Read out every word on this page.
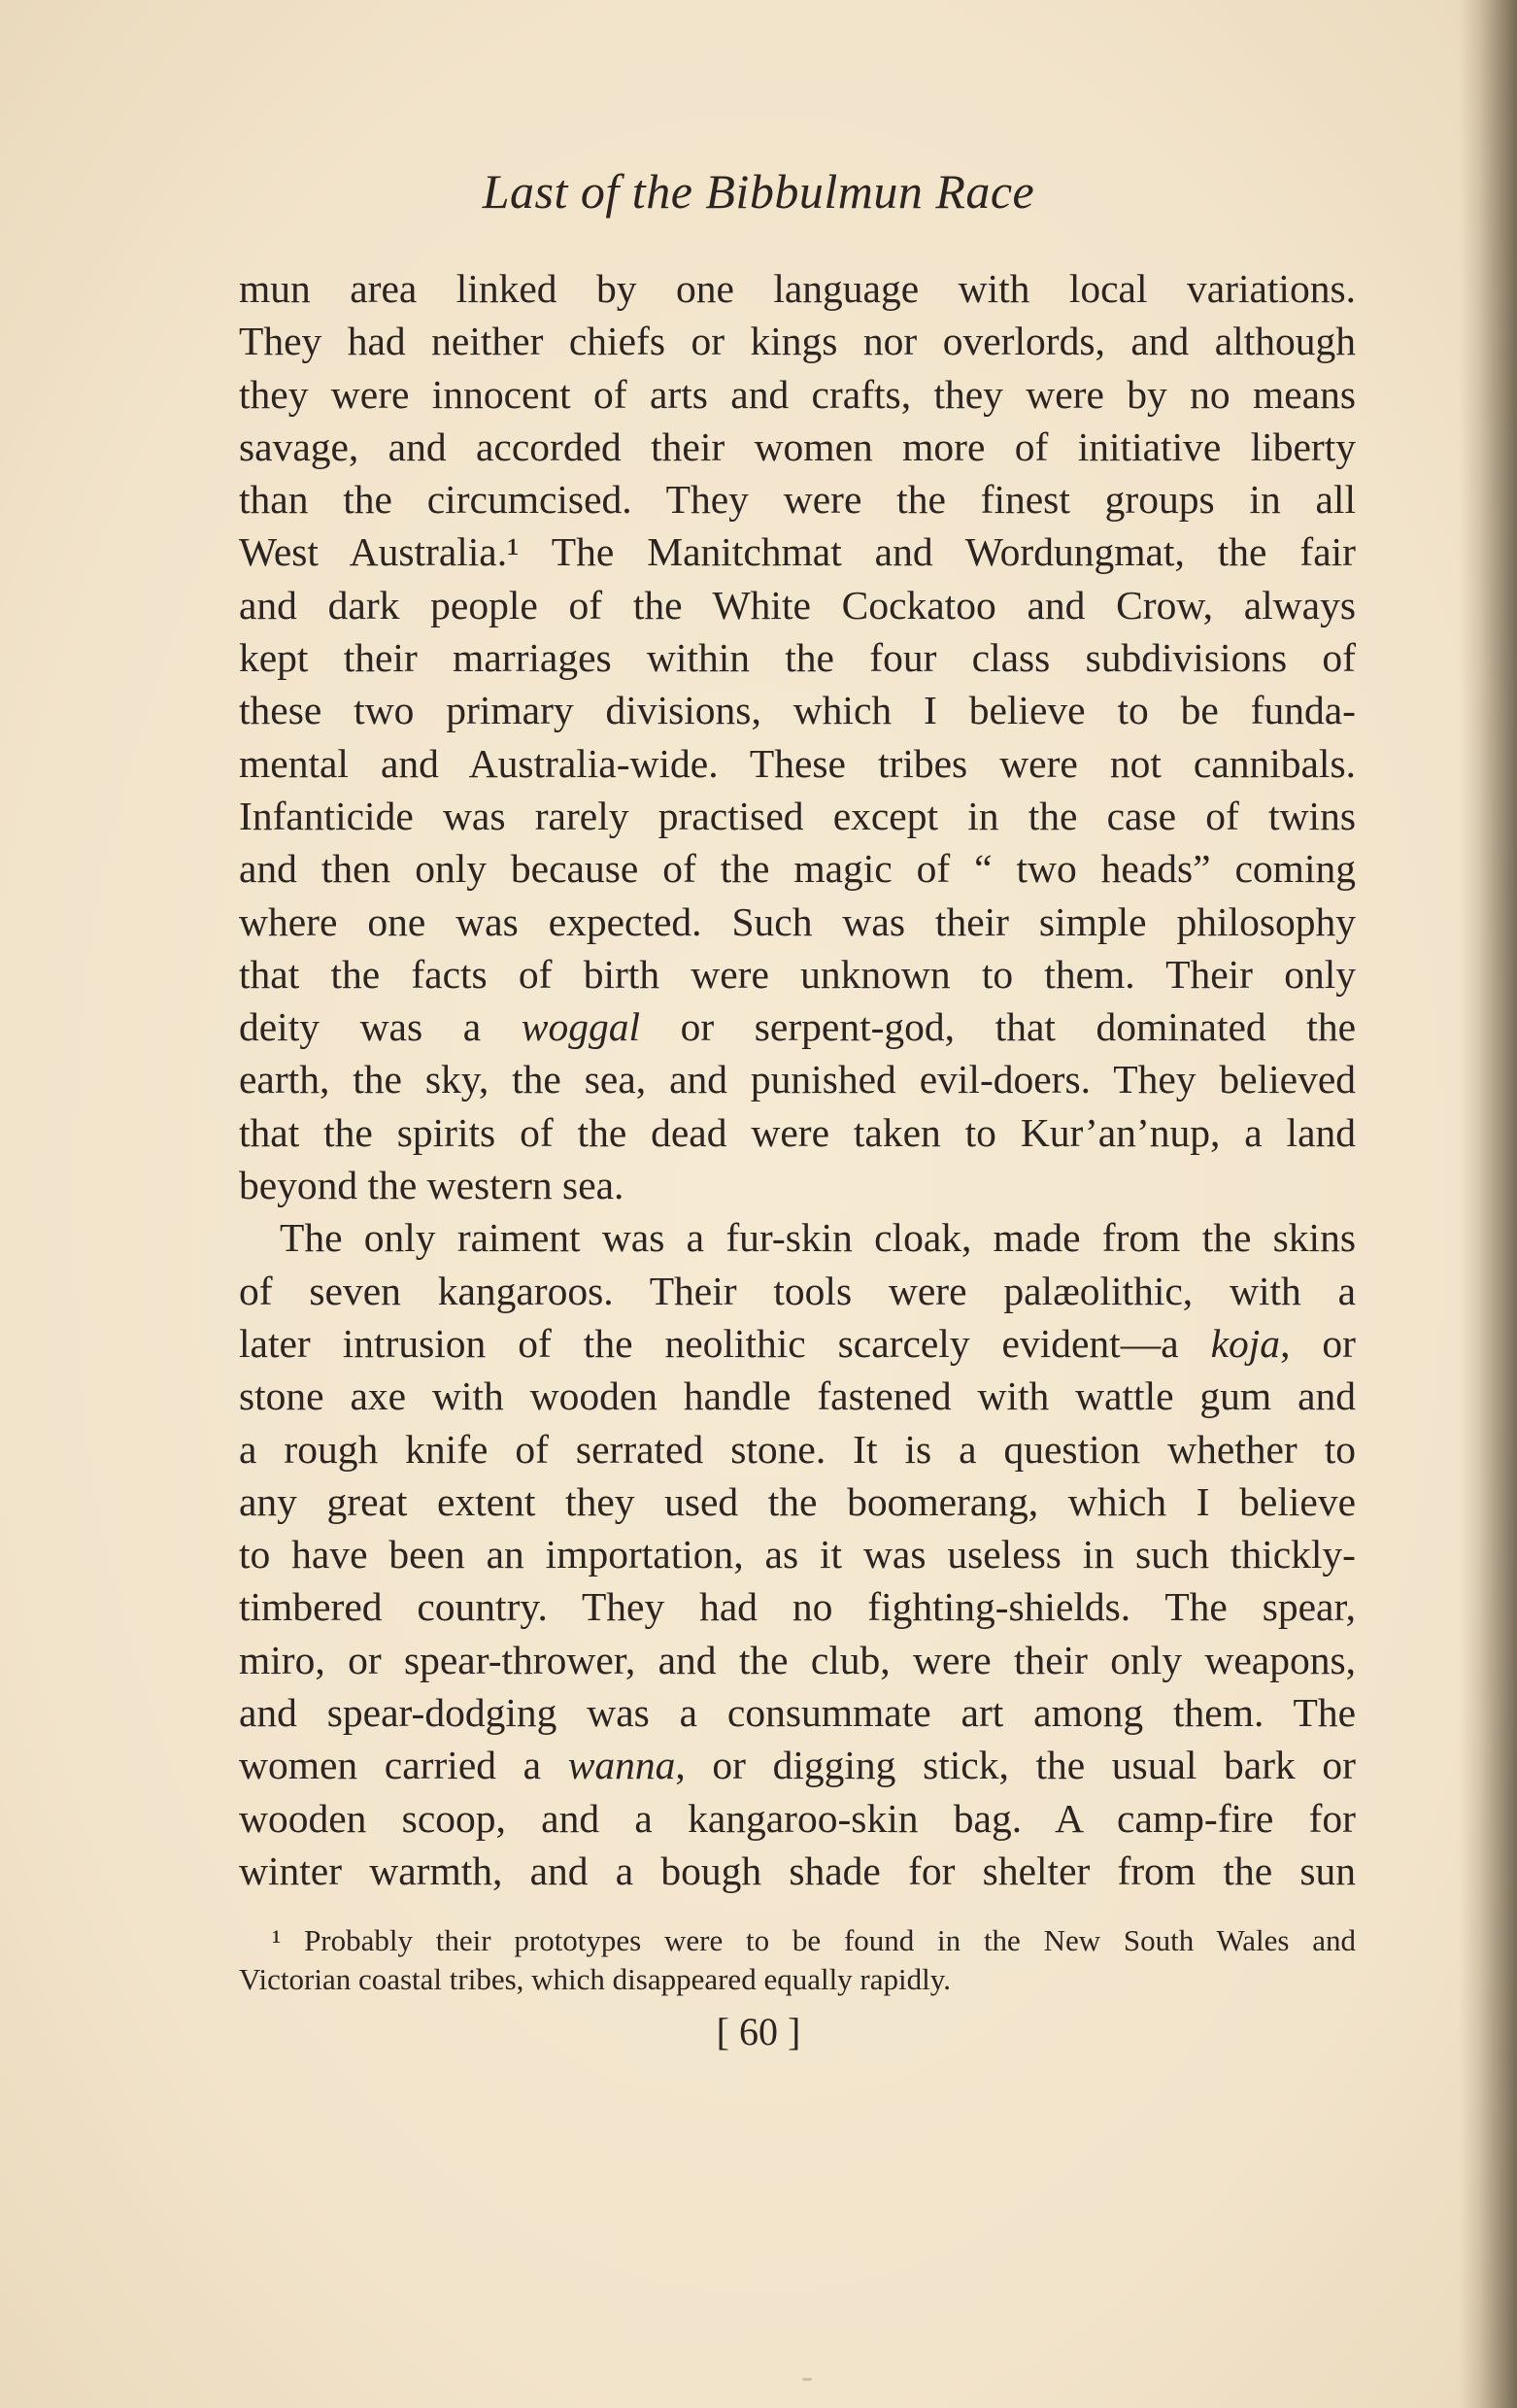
Last of the Bibbulmun Race
mun area linked by one language with local variations.
They had neither chiefs or kings nor overlords, and although
they were innocent of arts and crafts, they were by no means
savage, and accorded their women more of initiative liberty
than the circumcised. They were the finest groups in all
West Australia.¹ The Manitchmat and Wordungmat, the fair
and dark people of the White Cockatoo and Crow, always
kept their marriages within the four class subdivisions of
these two primary divisions, which I believe to be funda-
mental and Australia-wide. These tribes were not cannibals.
Infanticide was rarely practised except in the case of twins
and then only because of the magic of “ two heads” coming
where one was expected. Such was their simple philosophy
that the facts of birth were unknown to them. Their only
deity was a woggal or serpent-god, that dominated the
earth, the sky, the sea, and punished evil-doers. They believed
that the spirits of the dead were taken to Kur’an’nup, a land
beyond the western sea.
The only raiment was a fur-skin cloak, made from the skins
of seven kangaroos. Their tools were palæolithic, with a
later intrusion of the neolithic scarcely evident—a koja, or
stone axe with wooden handle fastened with wattle gum and
a rough knife of serrated stone. It is a question whether to
any great extent they used the boomerang, which I believe
to have been an importation, as it was useless in such thickly-
timbered country. They had no fighting-shields. The spear,
miro, or spear-thrower, and the club, were their only weapons,
and spear-dodging was a consummate art among them. The
women carried a wanna, or digging stick, the usual bark or
wooden scoop, and a kangaroo-skin bag. A camp-fire for
winter warmth, and a bough shade for shelter from the sun
¹ Probably their prototypes were to be found in the New South Wales and
Victorian coastal tribes, which disappeared equally rapidly.
[ 60 ]
